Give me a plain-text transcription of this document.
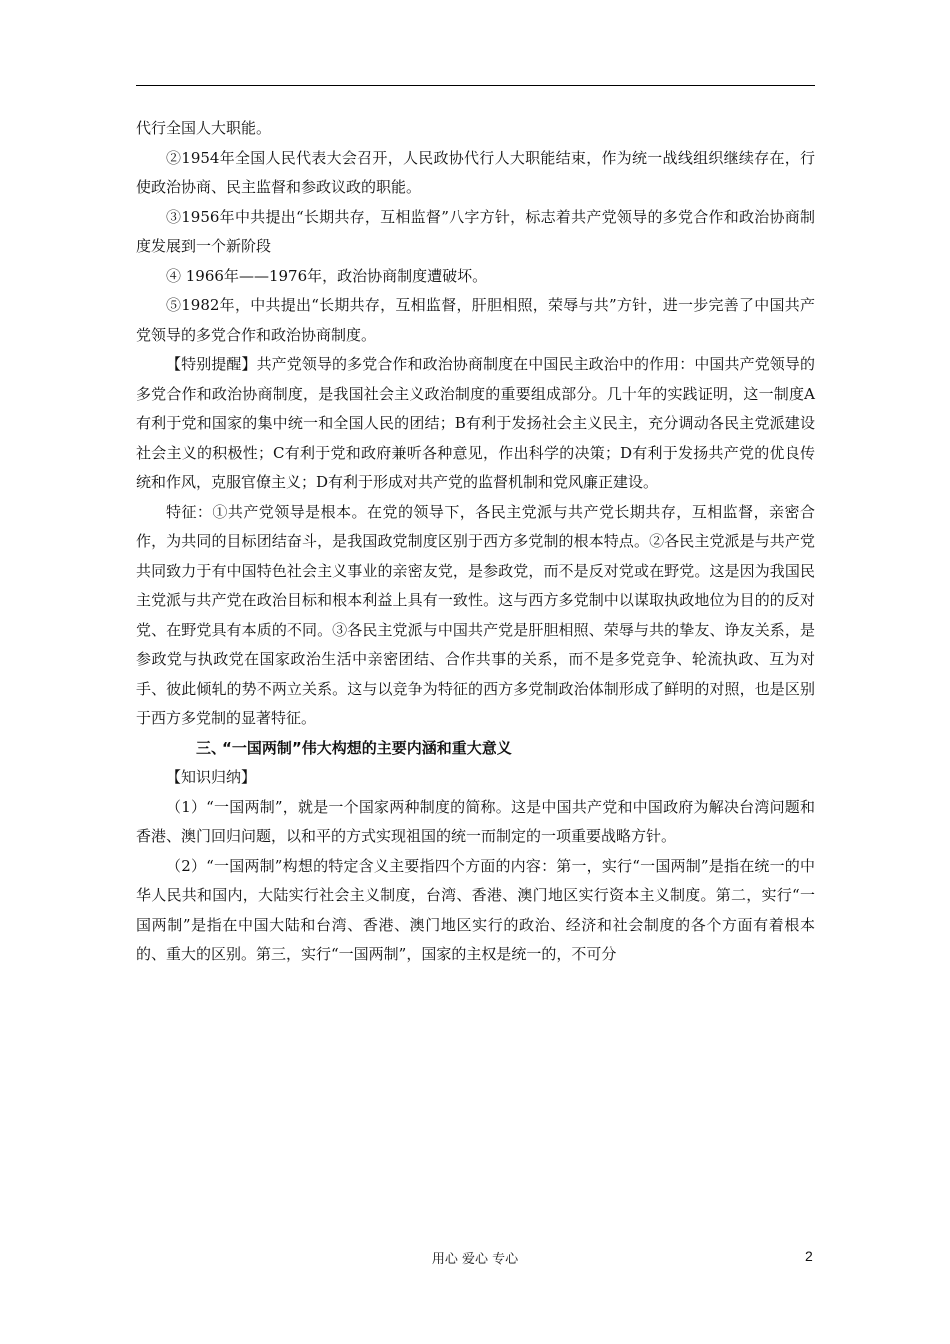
代行全国人大职能。

②1954年全国人民代表大会召开，人民政协代行人大职能结束，作为统一战线组织继续存在，行使政治协商、民主监督和参政议政的职能。

③1956年中共提出“长期共存，互相监督”八字方针，标志着共产党领导的多党合作和政治协商制度发展到一个新阶段

④ 1966年——1976年，政治协商制度遭破坏。

⑤1982年，中共提出“长期共存，互相监督，肝胆相照，荣辱与共”方针，进一步完善了中国共产党领导的多党合作和政治协商制度。

【特别提醒】共产党领导的多党合作和政治协商制度在中国民主政治中的作用：中国共产党领导的多党合作和政治协商制度，是我国社会主义政治制度的重要组成部分。几十年的实践证明，这一制度A有利于党和国家的集中统一和全国人民的团结；B有利于发扬社会主义民主，充分调动各民主党派建设社会主义的积极性；C有利于党和政府兼听各种意见，作出科学的决策；D有利于发扬共产党的优良传统和作风，克服官僚主义；D有利于形成对共产党的监督机制和党风廉正建设。

特征：①共产党领导是根本。在党的领导下，各民主党派与共产党长期共存，互相监督，亲密合作，为共同的目标团结奋斗，是我国政党制度区别于西方多党制的根本特点。②各民主党派是与共产党共同致力于有中国特色社会主义事业的亲密友党，是参政党，而不是反对党或在野党。这是因为我国民主党派与共产党在政治目标和根本利益上具有一致性。这与西方多党制中以谋取执政地位为目的的反对党、在野党具有本质的不同。③各民主党派与中国共产党是肝胆相照、荣辱与共的挚友、诤友关系，是参政党与执政党在国家政治生活中亲密团结、合作共事的关系，而不是多党竞争、轮流执政、互为对手、彼此倾轧的势不两立关系。这与以竞争为特征的西方多党制政治体制形成了鲜明的对照，也是区别于西方多党制的显著特征。

三、“一国两制”伟大构想的主要内涵和重大意义

【知识归纳】

（1）“一国两制”，就是一个国家两种制度的简称。这是中国共产党和中国政府为解决台湾问题和香港、澳门回归问题，以和平的方式实现祖国的统一而制定的一项重要战略方针。

（2）“一国两制”构想的特定含义主要指四个方面的内容：第一，实行“一国两制”是指在统一的中华人民共和国内，大陆实行社会主义制度，台湾、香港、澳门地区实行资本主义制度。第二，实行“一国两制”是指在中国大陆和台湾、香港、澳门地区实行的政治、经济和社会制度的各个方面有着根本的、重大的区别。第三，实行“一国两制”，国家的主权是统一的，不可分

用心 爱心 专心	2
